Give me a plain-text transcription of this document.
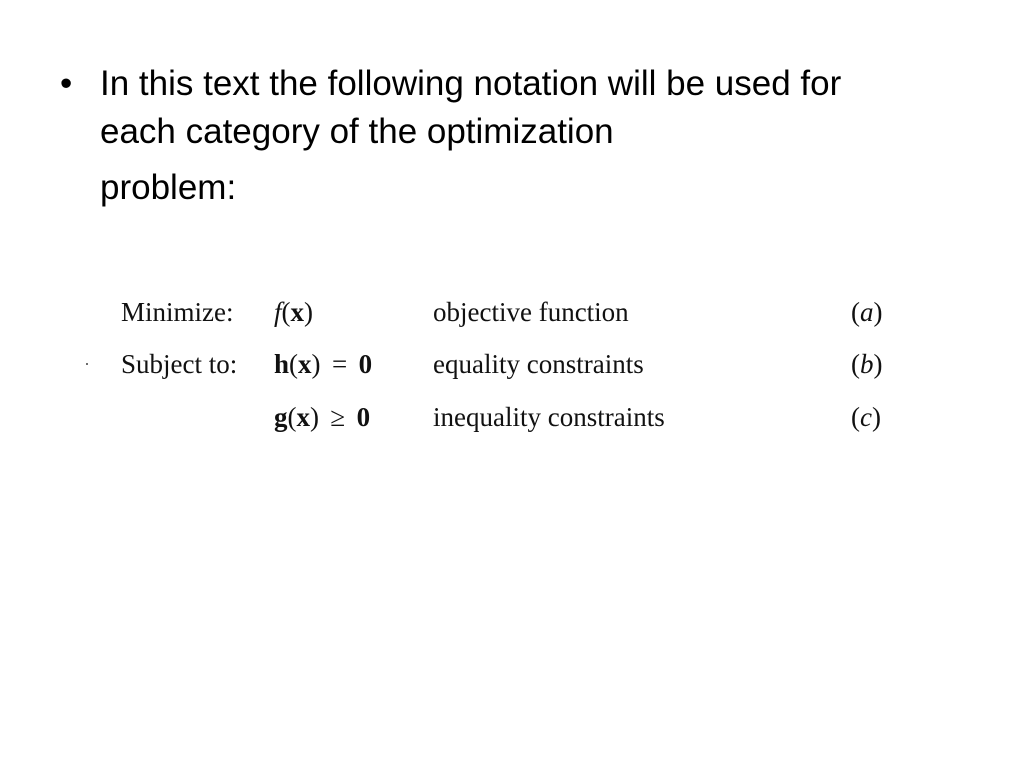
• In this text the following notation will be used for
each category of the optimization
problem:
·
Minimize: f(x)	objective function	(a)
Subject to: h(x)  =  0 equality constraints	(b)
g(x)  ≥  0 inequality constraints	(c)
